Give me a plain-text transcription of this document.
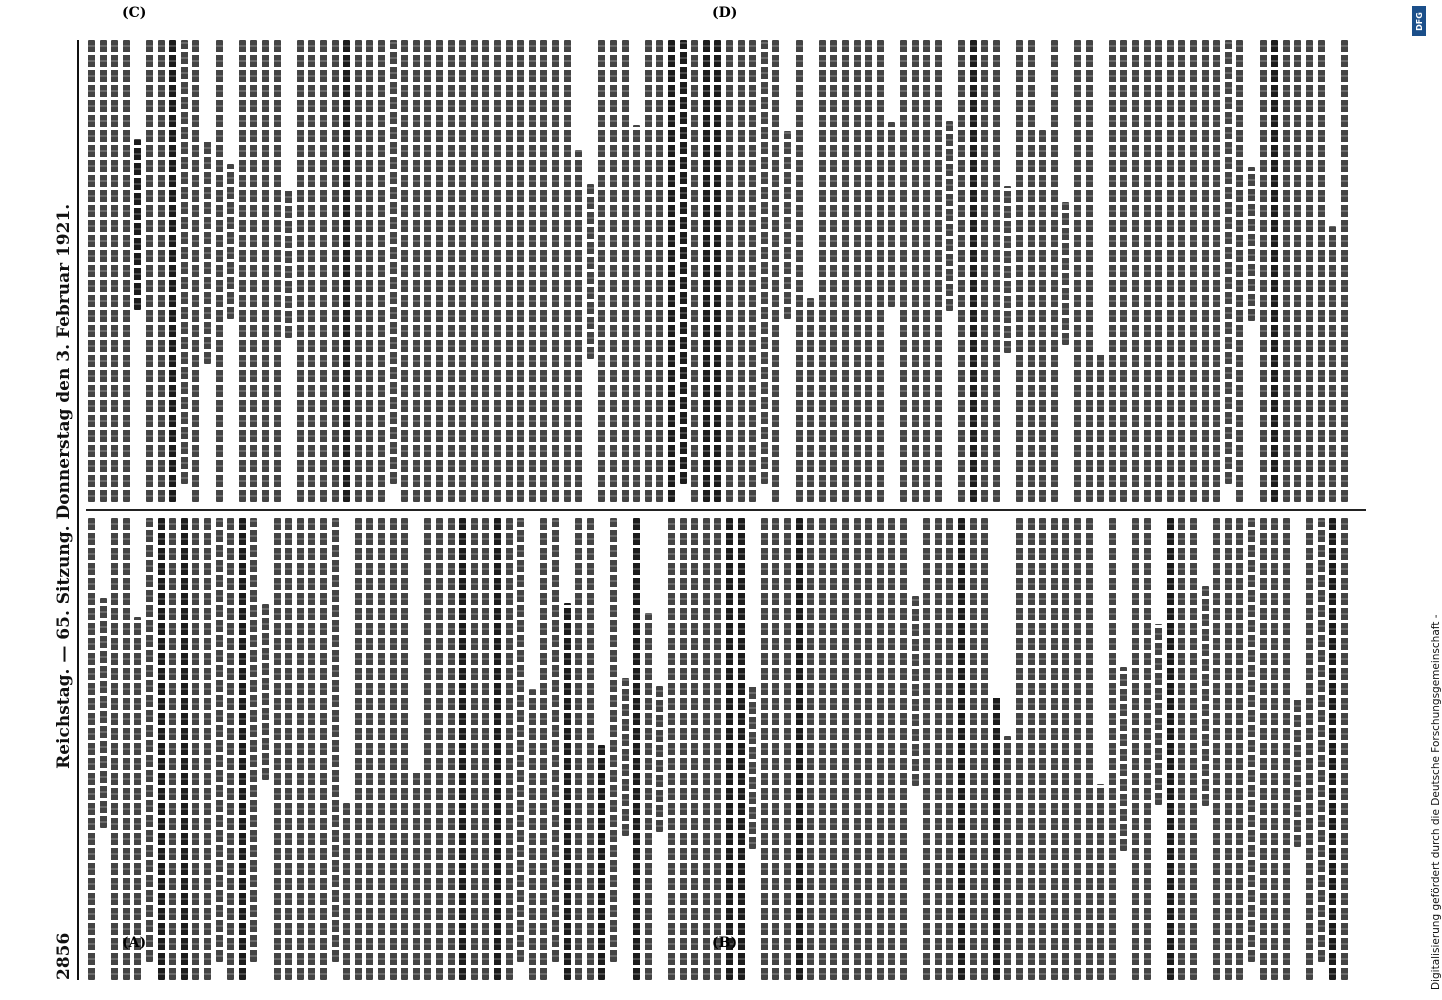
2856
Reichstag. — 65. Sitzung. Donnerstag den 3. Februar 1921.
(A)	(B)
(C)	(D)
Digitalisierung gefördert durch die Deutsche Forschungsgemeinschaft -
DFG
